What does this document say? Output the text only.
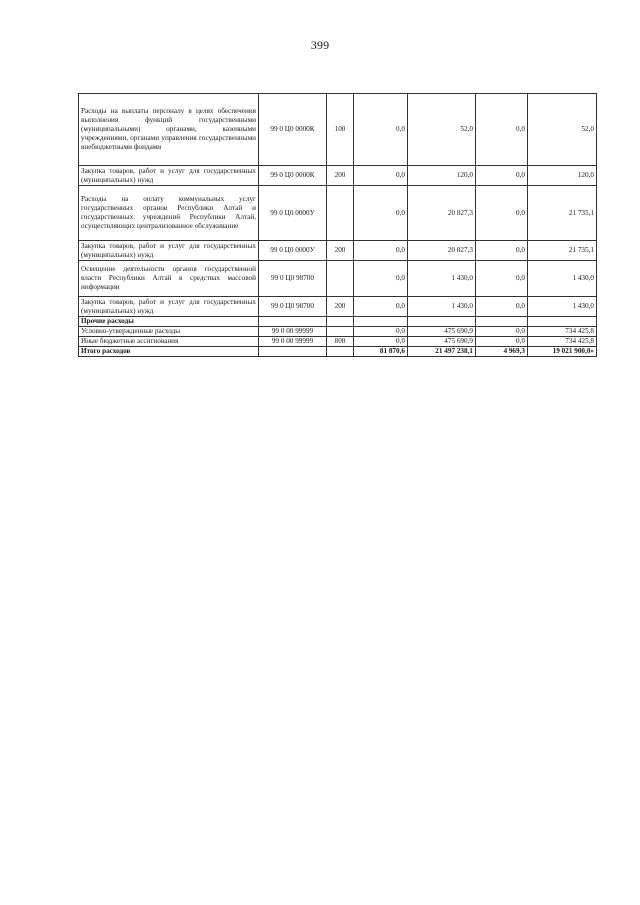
399
Расходы на выплаты персоналу в целях обеспечения выполнения функций государственными (муниципальными) органами, казенными учреждениями, органами управления государственными внебюджетными фондами	99 0 Ц0 0000К	100	0,0	52,0	0,0	52,0
Закупка товаров, работ и услуг для государственных (муниципальных) нужд	99 0 Ц0 0000К	200	0,0	120,0	0,0	120,0
Расходы на оплату коммунальных услуг государственных органов Республики Алтай и государственных учреждений Республики Алтай, осуществляющих централизованное обслуживание	99 0 Ц0 0000У		0,0	20 827,3	0,0	21 735,1
Закупка товаров, работ и услуг для государственных (муниципальных) нужд	99 0 Ц0 0000У	200	0,0	20 827,3	0,0	21 735,1
Освещение деятельности органов государственной власти Республики Алтай в средствах массовой информации	99 0 Ц0 98700		0,0	1 430,0	0,0	1 430,0
Закупка товаров, работ и услуг для государственных (муниципальных) нужд	99 0 Ц0 98700	200	0,0	1 430,0	0,0	1 430,0
Прочие расходы						
Условно-утвержденные расходы	99 0 00 99999		0,0	475 690,9	0,0	734 425,8
Иные бюджетные ассигнования	99 0 00 99999	800	0,0	475 690,9	0,0	734 425,8
Итого расходов			81 870,6	21 497 238,1	4 969,3	19 021 900,0»
